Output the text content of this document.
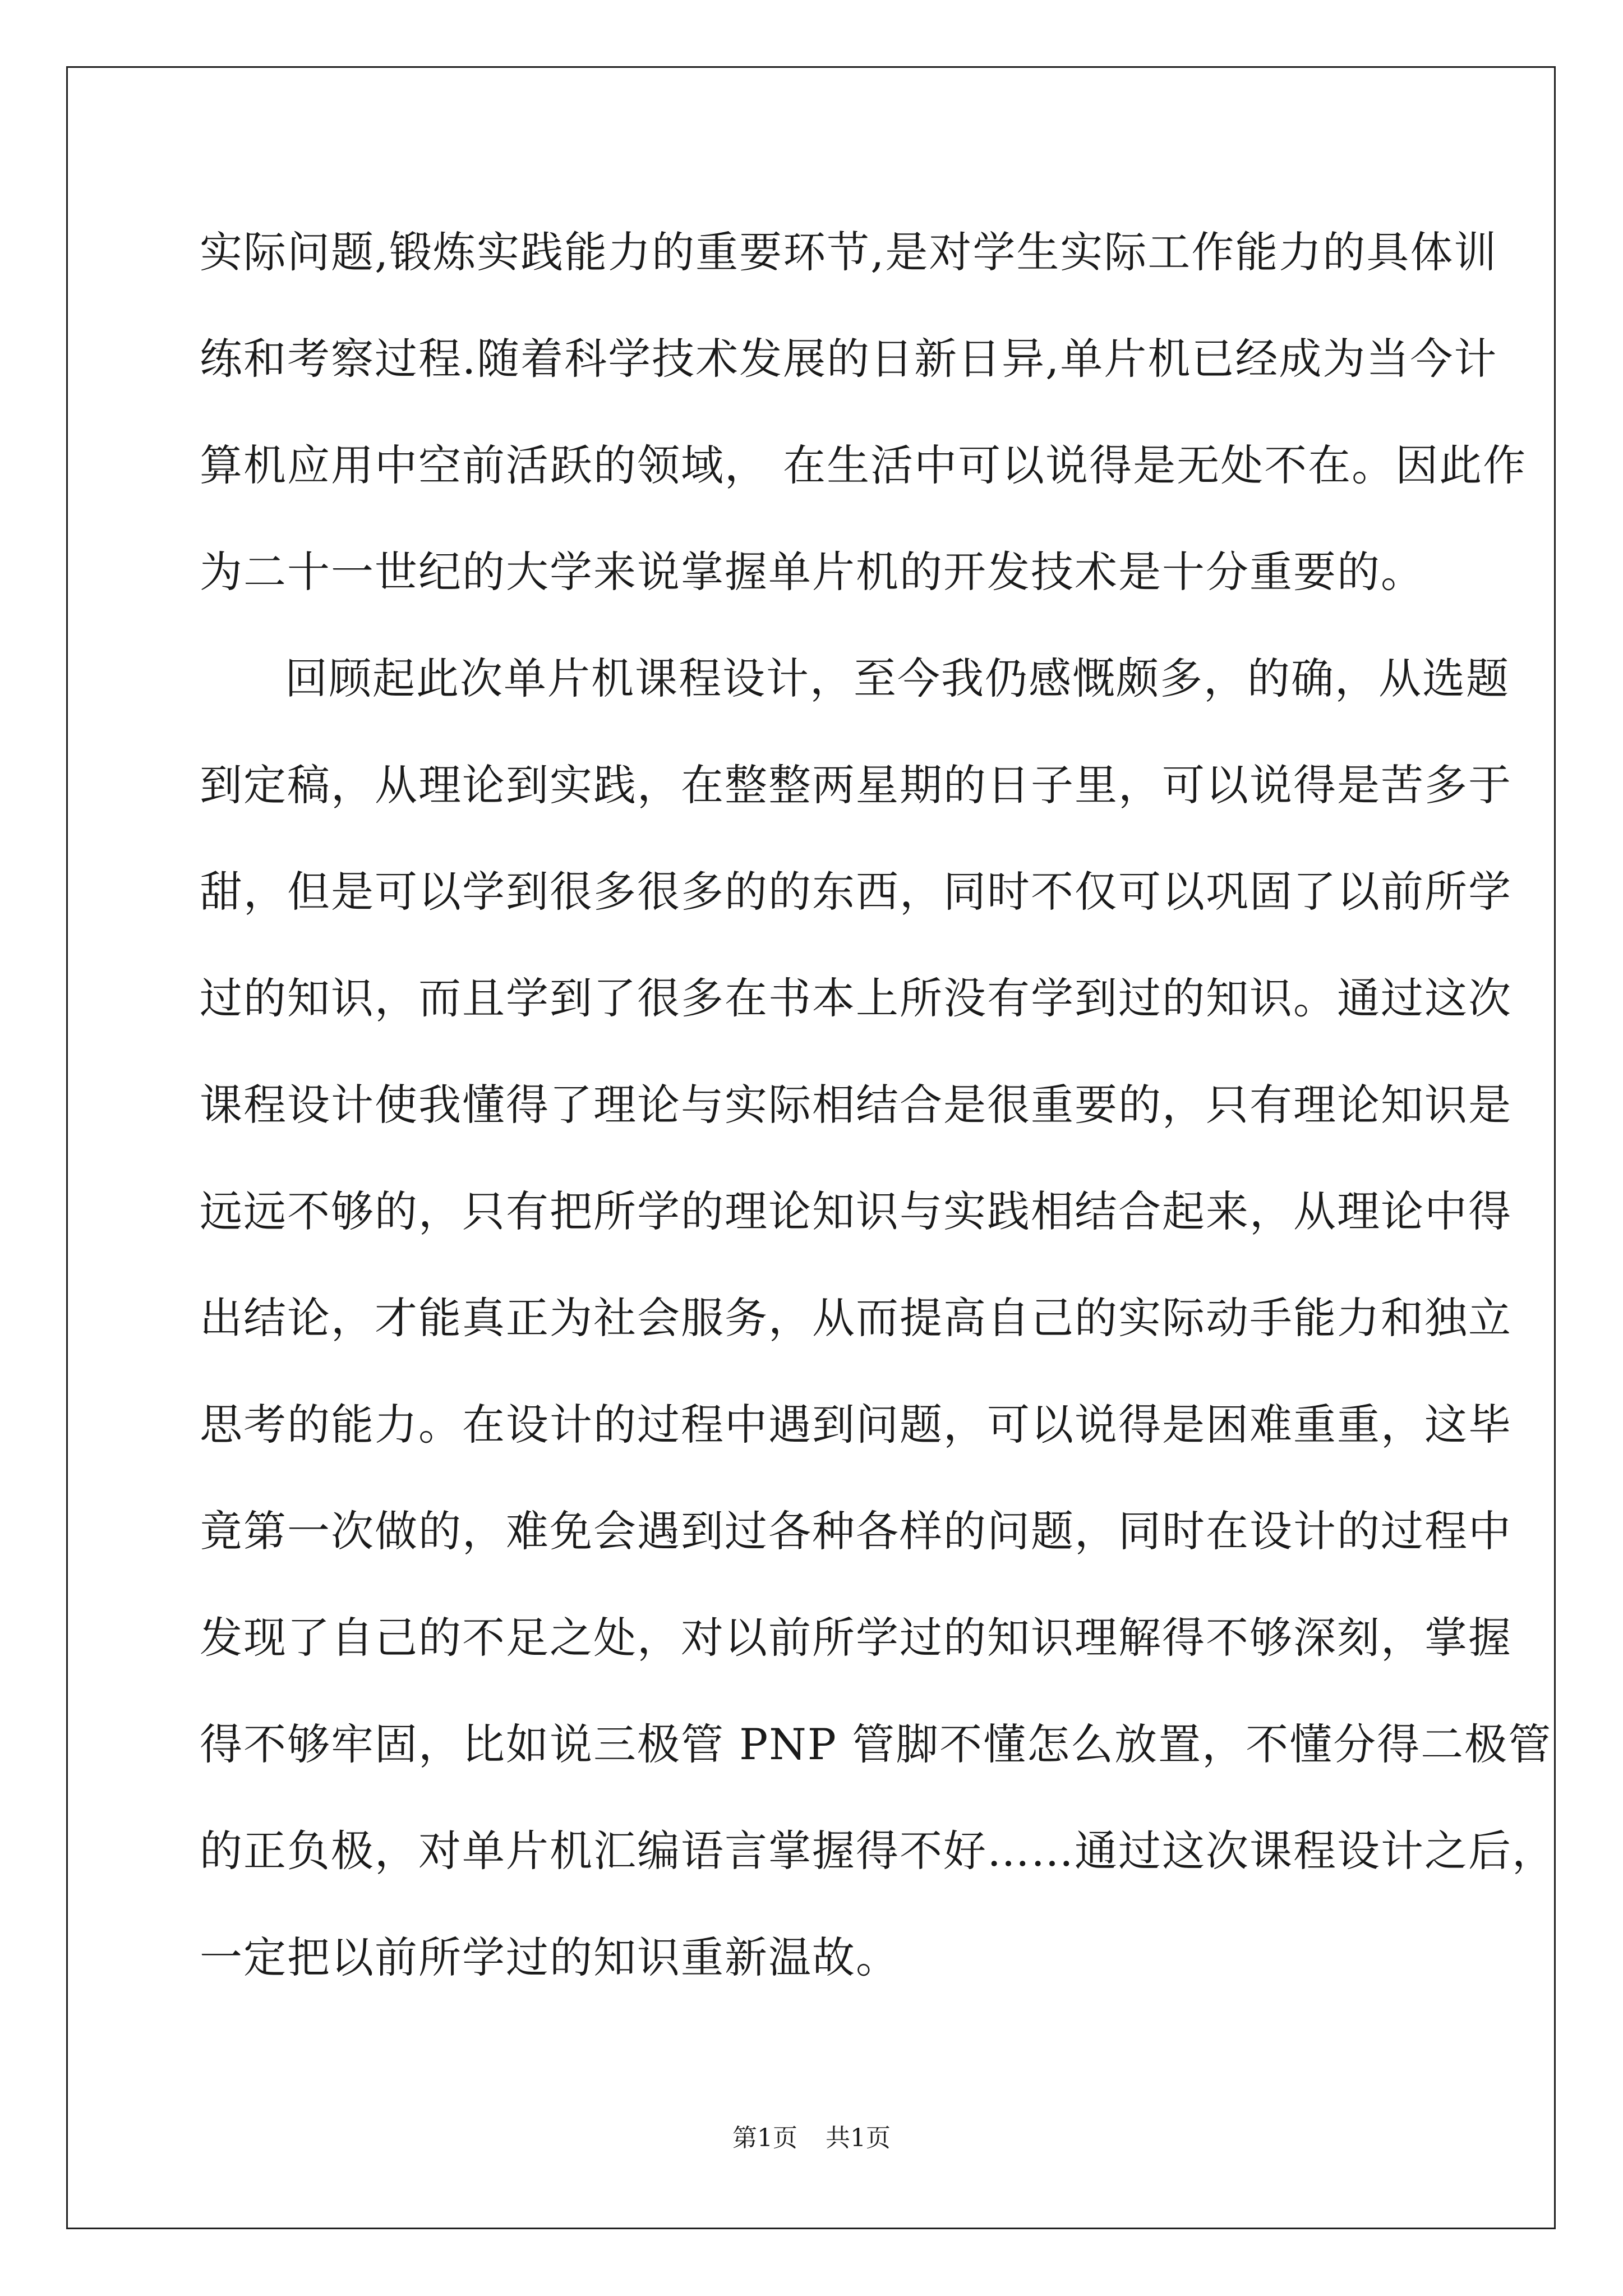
实际问题,锻炼实践能力的重要环节,是对学生实际工作能力的具体训
练和考察过程.随着科学技术发展的日新日异,单片机已经成为当今计
算机应用中空前活跃的领域， 在生活中可以说得是无处不在。因此作
为二十一世纪的大学来说掌握单片机的开发技术是十分重要的。
回顾起此次单片机课程设计，至今我仍感慨颇多，的确，从选题
到定稿，从理论到实践，在整整两星期的日子里，可以说得是苦多于
甜，但是可以学到很多很多的的东西，同时不仅可以巩固了以前所学
过的知识，而且学到了很多在书本上所没有学到过的知识。通过这次
课程设计使我懂得了理论与实际相结合是很重要的，只有理论知识是
远远不够的，只有把所学的理论知识与实践相结合起来，从理论中得
出结论，才能真正为社会服务，从而提高自己的实际动手能力和独立
思考的能力。在设计的过程中遇到问题，可以说得是困难重重，这毕
竟第一次做的，难免会遇到过各种各样的问题，同时在设计的过程中
发现了自己的不足之处，对以前所学过的知识理解得不够深刻，掌握
得不够牢固，比如说三极管 PNP 管脚不懂怎么放置，不懂分得二极管
的正负极，对单片机汇编语言掌握得不好……通过这次课程设计之后，
一定把以前所学过的知识重新温故。
第1页 共1页
